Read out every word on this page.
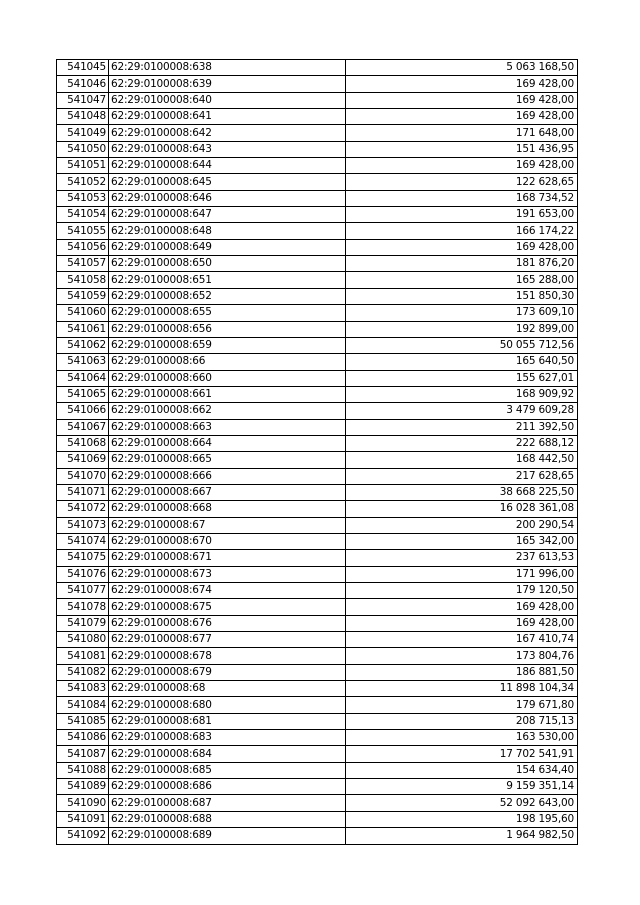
541045	62:29:0100008:638	5 063 168,50
541046	62:29:0100008:639	169 428,00
541047	62:29:0100008:640	169 428,00
541048	62:29:0100008:641	169 428,00
541049	62:29:0100008:642	171 648,00
541050	62:29:0100008:643	151 436,95
541051	62:29:0100008:644	169 428,00
541052	62:29:0100008:645	122 628,65
541053	62:29:0100008:646	168 734,52
541054	62:29:0100008:647	191 653,00
541055	62:29:0100008:648	166 174,22
541056	62:29:0100008:649	169 428,00
541057	62:29:0100008:650	181 876,20
541058	62:29:0100008:651	165 288,00
541059	62:29:0100008:652	151 850,30
541060	62:29:0100008:655	173 609,10
541061	62:29:0100008:656	192 899,00
541062	62:29:0100008:659	50 055 712,56
541063	62:29:0100008:66	165 640,50
541064	62:29:0100008:660	155 627,01
541065	62:29:0100008:661	168 909,92
541066	62:29:0100008:662	3 479 609,28
541067	62:29:0100008:663	211 392,50
541068	62:29:0100008:664	222 688,12
541069	62:29:0100008:665	168 442,50
541070	62:29:0100008:666	217 628,65
541071	62:29:0100008:667	38 668 225,50
541072	62:29:0100008:668	16 028 361,08
541073	62:29:0100008:67	200 290,54
541074	62:29:0100008:670	165 342,00
541075	62:29:0100008:671	237 613,53
541076	62:29:0100008:673	171 996,00
541077	62:29:0100008:674	179 120,50
541078	62:29:0100008:675	169 428,00
541079	62:29:0100008:676	169 428,00
541080	62:29:0100008:677	167 410,74
541081	62:29:0100008:678	173 804,76
541082	62:29:0100008:679	186 881,50
541083	62:29:0100008:68	11 898 104,34
541084	62:29:0100008:680	179 671,80
541085	62:29:0100008:681	208 715,13
541086	62:29:0100008:683	163 530,00
541087	62:29:0100008:684	17 702 541,91
541088	62:29:0100008:685	154 634,40
541089	62:29:0100008:686	9 159 351,14
541090	62:29:0100008:687	52 092 643,00
541091	62:29:0100008:688	198 195,60
541092	62:29:0100008:689	1 964 982,50
